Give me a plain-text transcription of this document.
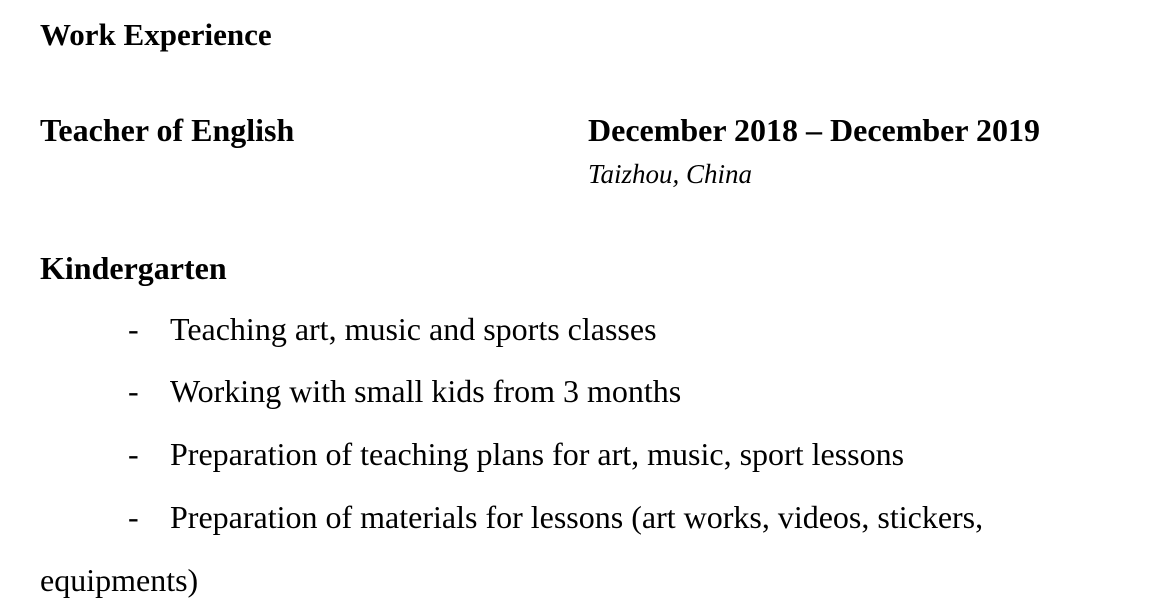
Work Experience
Teacher of English	December 2018 – December 2019
Taizhou, China
Kindergarten
- Teaching art, music and sports classes
- Working with small kids from 3 months
- Preparation of teaching plans for art, music, sport lessons
- Preparation of materials for lessons (art works, videos, stickers,
equipments)
